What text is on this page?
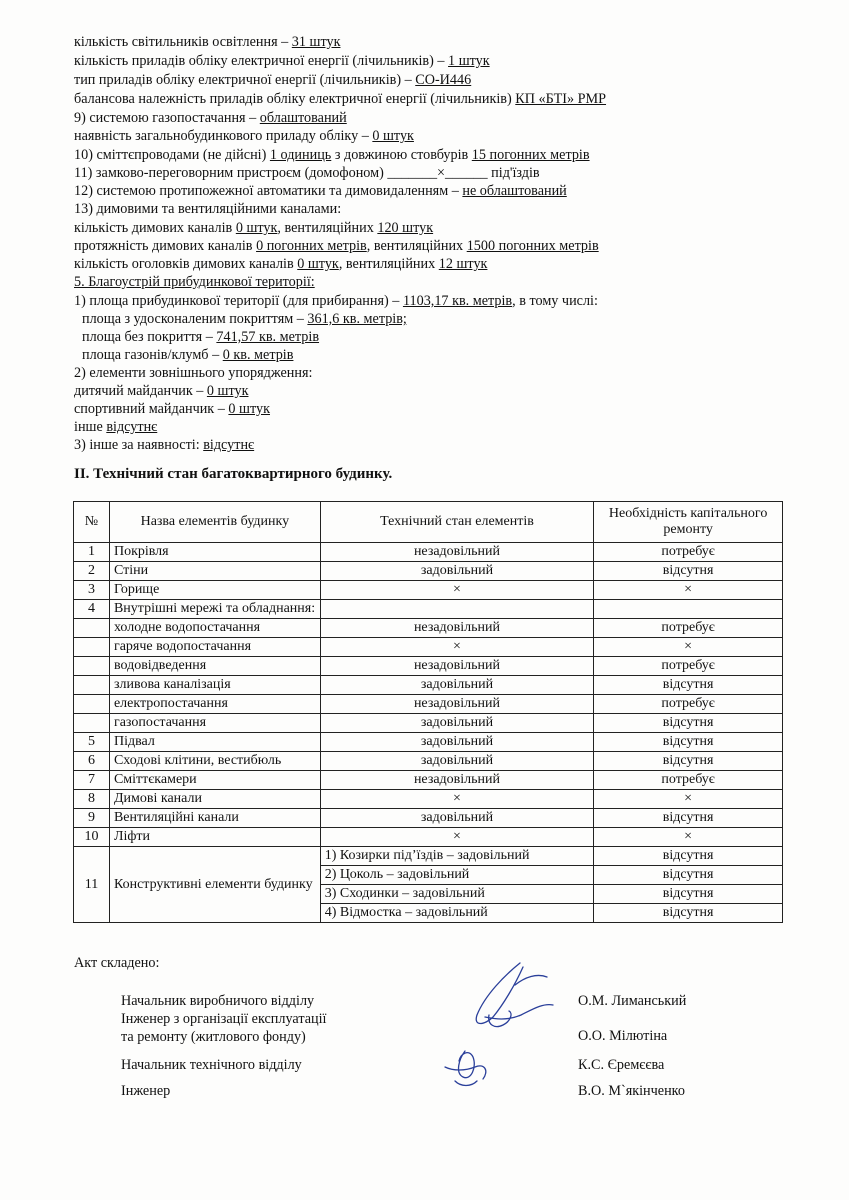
кількість світильників освітлення – 31 штук
кількість приладів обліку електричної енергії (лічильників) – 1 штук
тип приладів обліку електричної енергії (лічильників) – СО-И446
балансова належність приладів обліку електричної енергії (лічильників) КП «БТІ» РМР
9) системою газопостачання – облаштований
наявність загальнобудинкового приладу обліку – 0 штук
10) сміттєпроводами (не дійсні) 1 одиниць з довжиною стовбурів 15 погонних метрів
11) замково-переговорним пристроєм (домофоном) _______×______ під'їздів
12) системою протипожежної автоматики та димовидаленням – не облаштований
13) димовими та вентиляційними каналами:
кількість димових каналів 0 штук, вентиляційних 120 штук
протяжність димових каналів 0 погонних метрів, вентиляційних 1500 погонних метрів
кількість оголовків димових каналів 0 штук, вентиляційних 12 штук
5. Благоустрій прибудинкової території:
1) площа прибудинкової території (для прибирання) – 1103,17 кв. метрів, в тому числі:
площа з удосконаленим покриттям – 361,6 кв. метрів;
площа без покриття – 741,57 кв. метрів
площа газонів/клумб – 0 кв. метрів
2) елементи зовнішнього упорядження:
дитячий майданчик – 0 штук
спортивний майданчик – 0 штук
інше відсутнє
3) інше за наявності: відсутнє
ІІ. Технічний стан багатоквартирного будинку.
№	Назва елементів будинку	Технічний стан елементів	Необхідність капітального ремонту
1	Покрівля	незадовільний	потребує
2	Стіни	задовільний	відсутня
3	Горище	×	×
4	Внутрішні мережі та обладнання:		
	холодне водопостачання	незадовільний	потребує
	гаряче водопостачання	×	×
	водовідведення	незадовільний	потребує
	зливова каналізація	задовільний	відсутня
	електропостачання	незадовільний	потребує
	газопостачання	задовільний	відсутня
5	Підвал	задовільний	відсутня
6	Сходові клітини, вестибюль	задовільний	відсутня
7	Сміттєкамери	незадовільний	потребує
8	Димові канали	×	×
9	Вентиляційні канали	задовільний	відсутня
10	Ліфти	×	×
11	Конструктивні елементи будинку	1) Козирки під’їздів – задовільний	відсутня
		2) Цоколь – задовільний	відсутня
		3) Сходинки – задовільний	відсутня
		4) Відмостка – задовільний	відсутня
Акт складено:
Начальник виробничого відділу	О.М. Лиманський
Інженер з організації експлуатації
та ремонту (житлового фонду)	О.О. Мілютіна
Начальник технічного відділу	К.С. Єремєєва
Інженер	В.О. М`якінченко
